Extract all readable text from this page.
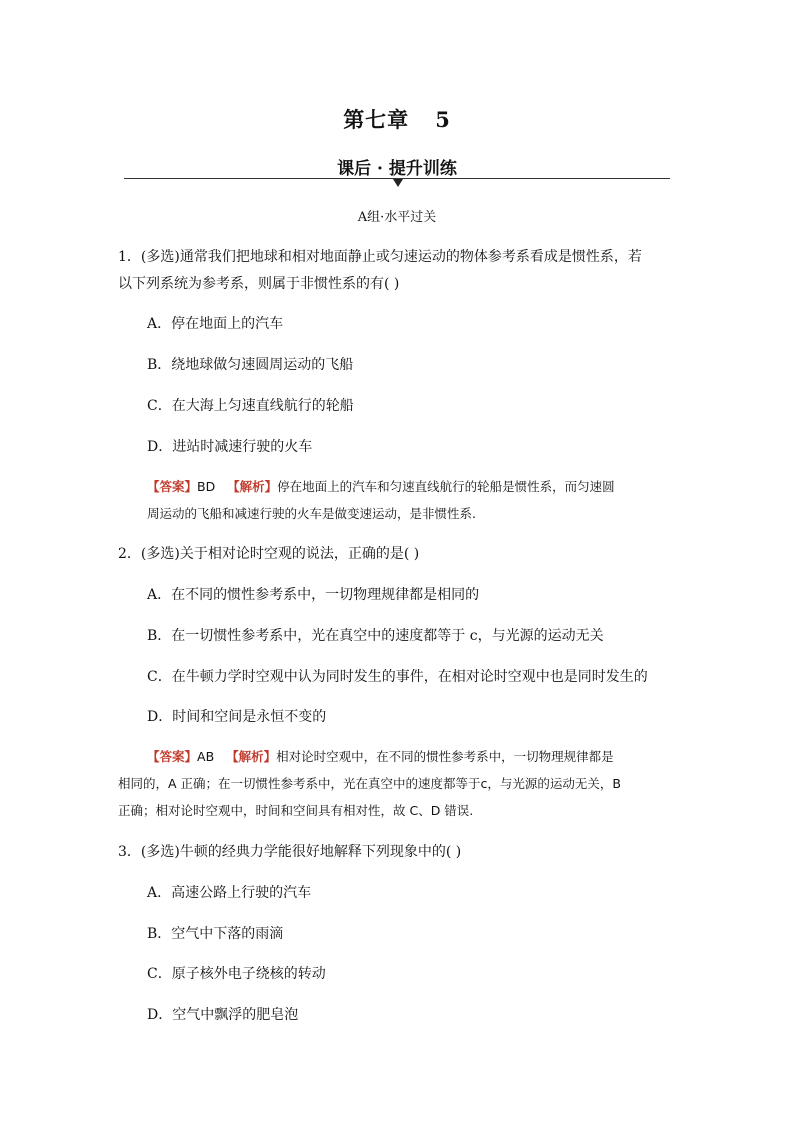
第七章 5
课后 · 提升训练
A组·水平过关
1．(多选)通常我们把地球和相对地面静止或匀速运动的物体参考系看成是惯性系，若
以下列系统为参考系，则属于非惯性系的有( )
A．停在地面上的汽车
B．绕地球做匀速圆周运动的飞船
C．在大海上匀速直线航行的轮船
D．进站时减速行驶的火车
【答案】BD 【解析】停在地面上的汽车和匀速直线航行的轮船是惯性系，而匀速圆
周运动的飞船和减速行驶的火车是做变速运动，是非惯性系.
2．(多选)关于相对论时空观的说法，正确的是( )
A．在不同的惯性参考系中，一切物理规律都是相同的
B．在一切惯性参考系中，光在真空中的速度都等于 c，与光源的运动无关
C．在牛顿力学时空观中认为同时发生的事件，在相对论时空观中也是同时发生的
D．时间和空间是永恒不变的
【答案】AB 【解析】相对论时空观中，在不同的惯性参考系中，一切物理规律都是
相同的，A 正确；在一切惯性参考系中，光在真空中的速度都等于c，与光源的运动无关，B
正确；相对论时空观中，时间和空间具有相对性，故 C、D 错误.
3．(多选)牛顿的经典力学能很好地解释下列现象中的( )
A．高速公路上行驶的汽车
B．空气中下落的雨滴
C．原子核外电子绕核的转动
D．空气中飘浮的肥皂泡
